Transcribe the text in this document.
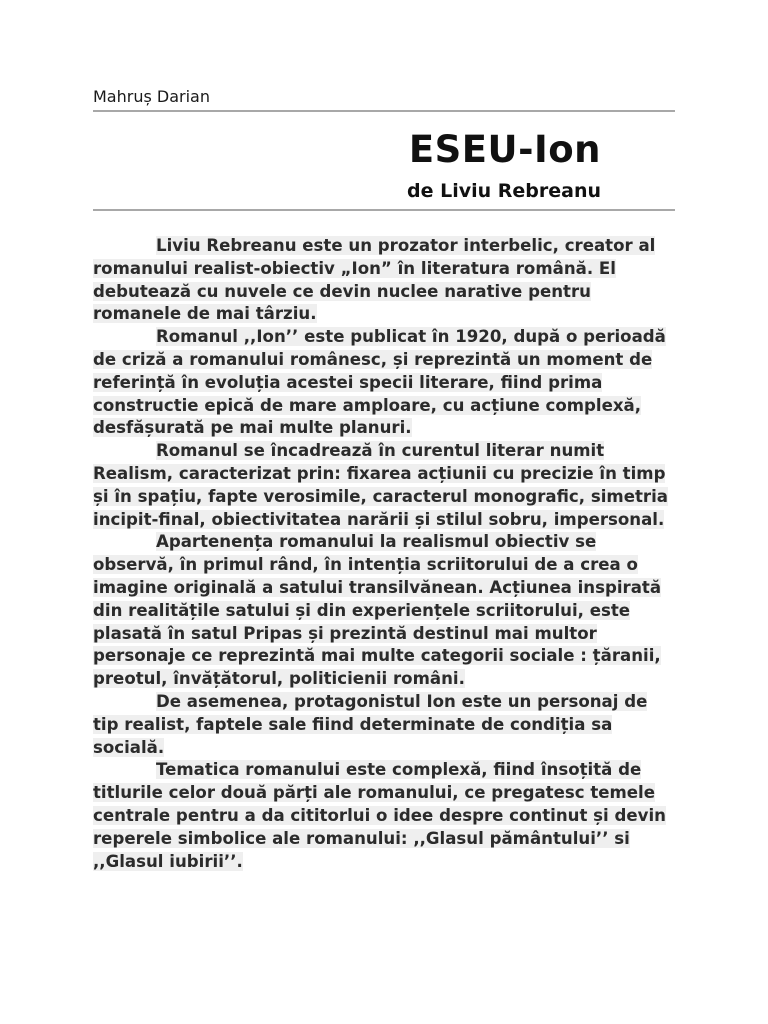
Mahruș Darian

ESEU-Ion
de Liviu Rebreanu

Liviu Rebreanu este un prozator interbelic, creator al romanului realist-obiectiv „Ion” în literatura română. El debutează cu nuvele ce devin nuclee narative pentru romanele de mai târziu.

Romanul ,,Ion’’ este publicat în 1920, după o perioadă de criză a romanului românesc, și reprezintă un moment de referință în evoluția acestei specii literare, fiind prima constructie epică de mare amploare, cu acțiune complexă, desfășurată pe mai multe planuri.

Romanul se încadrează în curentul literar numit Realism, caracterizat prin: fixarea acțiunii cu precizie în timp și în spațiu, fapte verosimile, caracterul monografic, simetria incipit-final, obiectivitatea narării și stilul sobru, impersonal.

Apartenența romanului la realismul obiectiv se observă, în primul rând, în intenția scriitorului de a crea o imagine originală a satului transilvănean. Acțiunea inspirată din realitățile satului și din experiențele scriitorului, este plasată în satul Pripas și prezintă destinul mai multor personaje ce reprezintă mai multe categorii sociale : țăranii, preotul, învățătorul, politicienii români.

De asemenea, protagonistul Ion este un personaj de tip realist, faptele sale fiind determinate de condiția sa socială.

Tematica romanului este complexă, fiind însoțită de titlurile celor două părți ale romanului, ce pregatesc temele centrale pentru a da cititorlui o idee despre continut și devin reperele simbolice ale romanului: ,,Glasul pământului’’ si ,,Glasul iubirii’’.
